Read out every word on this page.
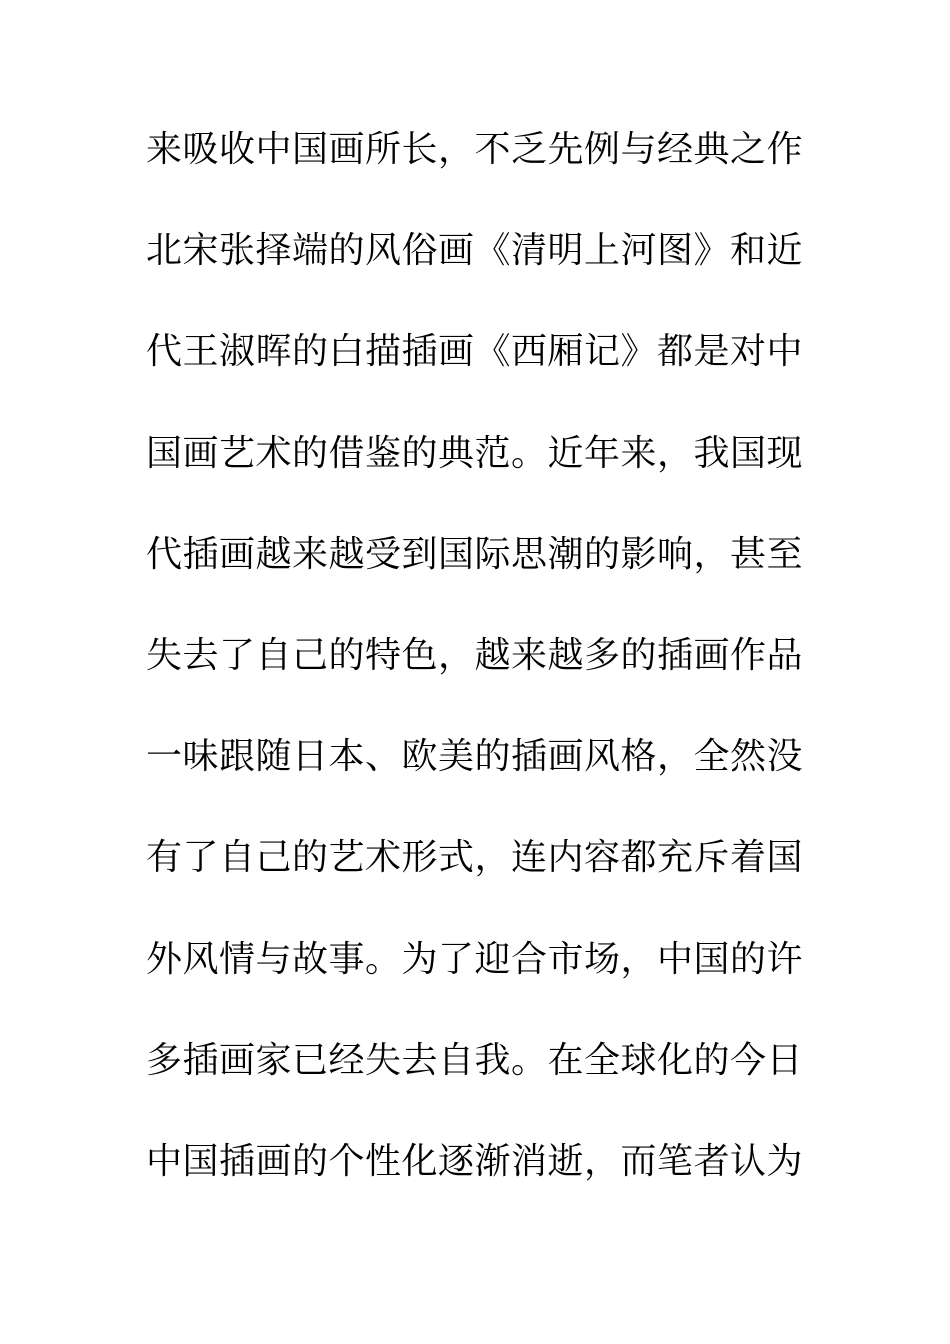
来吸收中国画所长，不乏先例与经典之作
北宋张择端的风俗画《清明上河图》和近
代王淑晖的白描插画《西厢记》都是对中
国画艺术的借鉴的典范。近年来，我国现
代插画越来越受到国际思潮的影响，甚至
失去了自己的特色，越来越多的插画作品
一味跟随日本、欧美的插画风格，全然没
有了自己的艺术形式，连内容都充斥着国
外风情与故事。为了迎合市场，中国的许
多插画家已经失去自我。在全球化的今日
中国插画的个性化逐渐消逝，而笔者认为
